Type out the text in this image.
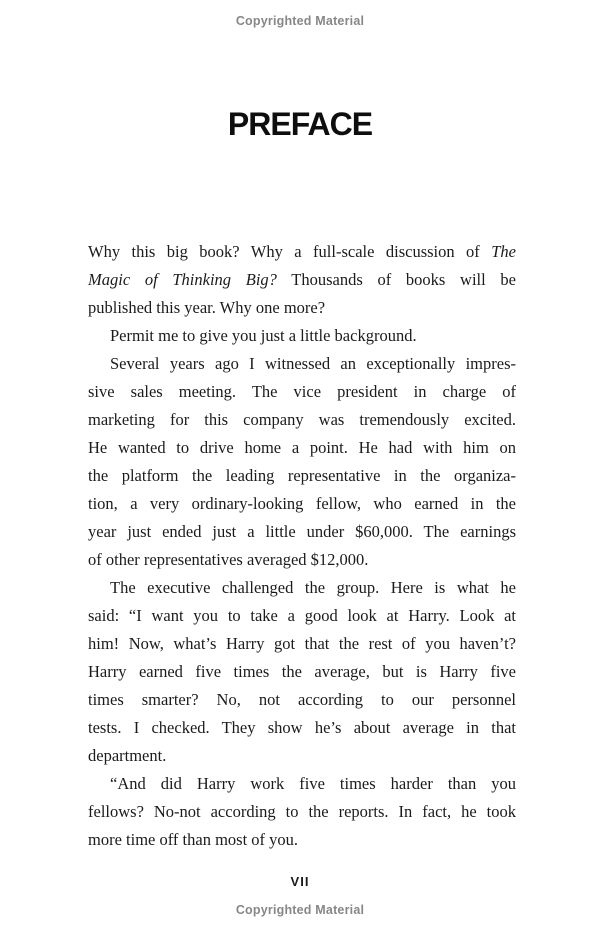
Copyrighted Material
PREFACE
Why this big book? Why a full-scale discussion of The
Magic of Thinking Big? Thousands of books will be
published this year. Why one more?
Permit me to give you just a little background.
Several years ago I witnessed an exceptionally impres-
sive sales meeting. The vice president in charge of
marketing for this company was tremendously excited.
He wanted to drive home a point. He had with him on
the platform the leading representative in the organiza-
tion, a very ordinary-looking fellow, who earned in the
year just ended just a little under $60,000. The earnings
of other representatives averaged $12,000.
The executive challenged the group. Here is what he
said: “I want you to take a good look at Harry. Look at
him! Now, what’s Harry got that the rest of you haven’t?
Harry earned five times the average, but is Harry five
times smarter? No, not according to our personnel
tests. I checked. They show he’s about average in that
department.
“And did Harry work five times harder than you
fellows? No-not according to the reports. In fact, he took
more time off than most of you.
VII
Copyrighted Material
